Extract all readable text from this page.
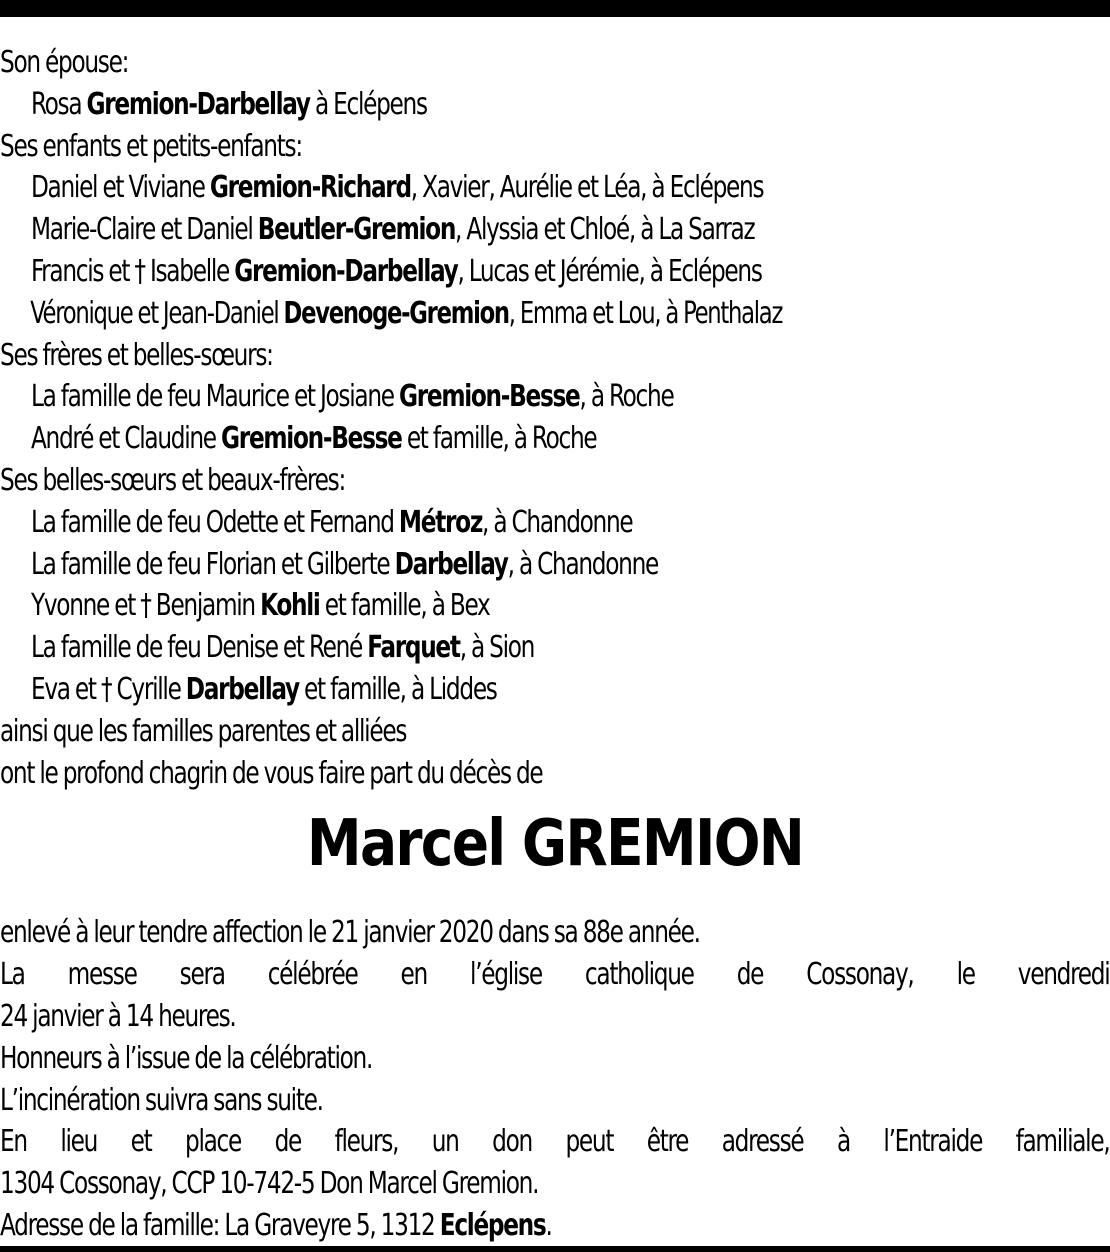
Son épouse:
Rosa Gremion-Darbellay à Eclépens
Ses enfants et petits-enfants:
Daniel et Viviane Gremion-Richard, Xavier, Aurélie et Léa, à Eclépens
Marie-Claire et Daniel Beutler-Gremion, Alyssia et Chloé, à La Sarraz
Francis et † Isabelle Gremion-Darbellay, Lucas et Jérémie, à Eclépens
Véronique et Jean-Daniel Devenoge-Gremion, Emma et Lou, à Penthalaz
Ses frères et belles-sœurs:
La famille de feu Maurice et Josiane Gremion-Besse, à Roche
André et Claudine Gremion-Besse et famille, à Roche
Ses belles-sœurs et beaux-frères:
La famille de feu Odette et Fernand Métroz, à Chandonne
La famille de feu Florian et Gilberte Darbellay, à Chandonne
Yvonne et † Benjamin Kohli et famille, à Bex
La famille de feu Denise et René Farquet, à Sion
Eva et † Cyrille Darbellay et famille, à Liddes
ainsi que les familles parentes et alliées
ont le profond chagrin de vous faire part du décès de
Marcel GREMION
enlevé à leur tendre affection le 21 janvier 2020 dans sa 88e année.
La messe sera célébrée en l’église catholique de Cossonay, le vendredi
24 janvier à 14 heures.
Honneurs à l’issue de la célébration.
L’incinération suivra sans suite.
En lieu et place de fleurs, un don peut être adressé à l’Entraide familiale,
1304 Cossonay, CCP 10-742-5 Don Marcel Gremion.
Adresse de la famille: La Graveyre 5, 1312 Eclépens.
